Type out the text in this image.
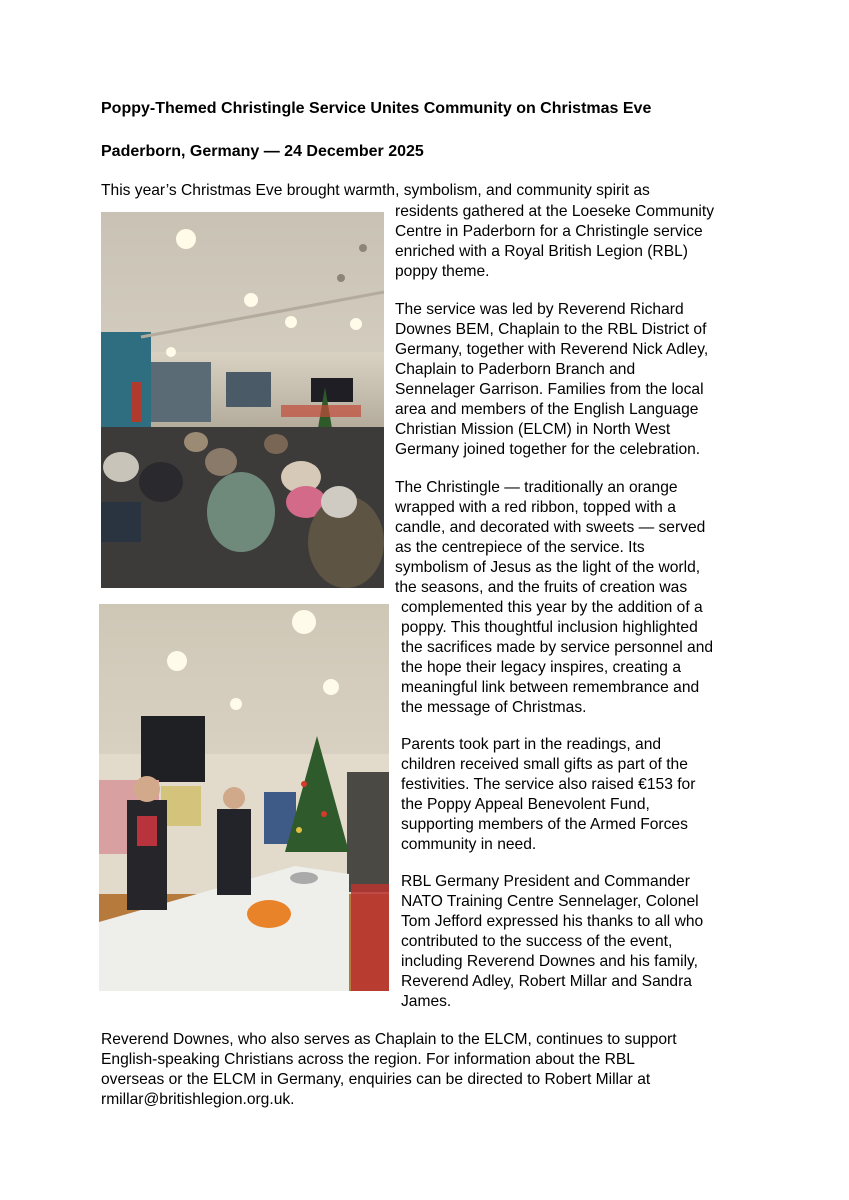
Poppy-Themed Christingle Service Unites Community on Christmas Eve
Paderborn, Germany — 24 December 2025
This year’s Christmas Eve brought warmth, symbolism, and community spirit as
residents gathered at the Loeseke Community
Centre in Paderborn for a Christingle service
enriched with a Royal British Legion (RBL)
poppy theme.
The service was led by Reverend Richard
Downes BEM, Chaplain to the RBL District of
Germany, together with Reverend Nick Adley,
Chaplain to Paderborn Branch and
Sennelager Garrison. Families from the local
area and members of the English Language
Christian Mission (ELCM) in North West
Germany joined together for the celebration.
The Christingle — traditionally an orange
wrapped with a red ribbon, topped with a
candle, and decorated with sweets — served
as the centrepiece of the service. Its
symbolism of Jesus as the light of the world,
the seasons, and the fruits of creation was
complemented this year by the addition of a
poppy. This thoughtful inclusion highlighted
the sacrifices made by service personnel and
the hope their legacy inspires, creating a
meaningful link between remembrance and
the message of Christmas.
Parents took part in the readings, and
children received small gifts as part of the
festivities. The service also raised €153 for
the Poppy Appeal Benevolent Fund,
supporting members of the Armed Forces
community in need.
RBL Germany President and Commander
NATO Training Centre Sennelager, Colonel
Tom Jefford expressed his thanks to all who
contributed to the success of the event,
including Reverend Downes and his family,
Reverend Adley, Robert Millar and Sandra
James.
Reverend Downes, who also serves as Chaplain to the ELCM, continues to support
English-speaking Christians across the region. For information about the RBL
overseas or the ELCM in Germany, enquiries can be directed to Robert Millar at
rmillar@britishlegion.org.uk.
